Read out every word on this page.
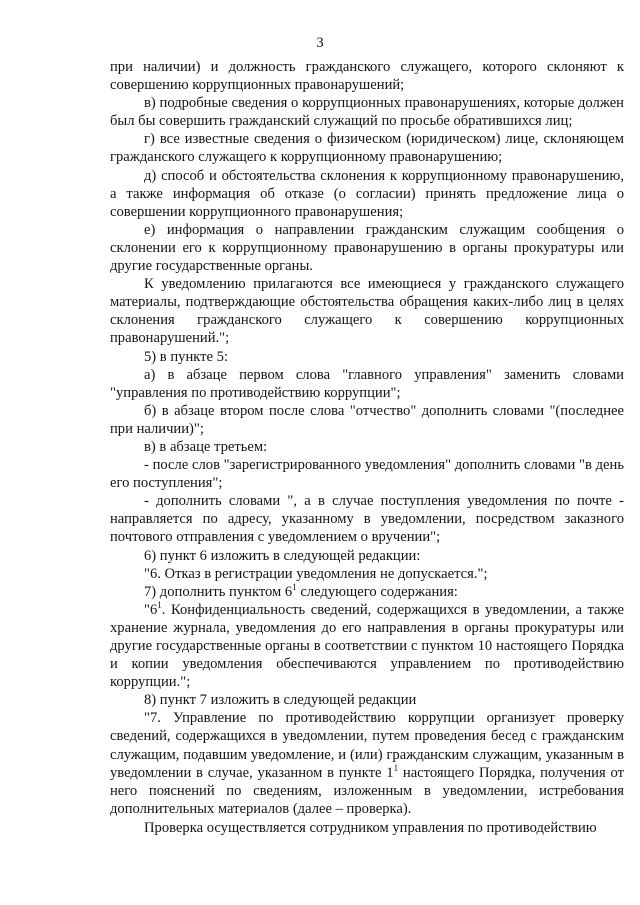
3

при наличии) и должность гражданского служащего, которого склоняют к совершению коррупционных правонарушений;

в) подробные сведения о коррупционных правонарушениях, которые должен был бы совершить гражданский служащий по просьбе обратившихся лиц;

г) все известные сведения о физическом (юридическом) лице, склоняющем гражданского служащего к коррупционному правонарушению;

д) способ и обстоятельства склонения к коррупционному правонарушению, а также информация об отказе (о согласии) принять предложение лица о совершении коррупционного правонарушения;

е) информация о направлении гражданским служащим сообщения о склонении его к коррупционному правонарушению в органы прокуратуры или другие государственные органы.

К уведомлению прилагаются все имеющиеся у гражданского служащего материалы, подтверждающие обстоятельства обращения каких-либо лиц в целях склонения гражданского служащего к совершению коррупционных правонарушений.";

5) в пункте 5:

а) в абзаце первом слова "главного управления" заменить словами "управления по противодействию коррупции";

б) в абзаце втором после слова "отчество" дополнить словами "(последнее при наличии)";

в) в абзаце третьем:

- после слов "зарегистрированного уведомления" дополнить словами "в день его поступления";

- дополнить словами ", а в случае поступления уведомления по почте - направляется по адресу, указанному в уведомлении, посредством заказного почтового отправления с уведомлением о вручении";

6) пункт 6 изложить в следующей редакции:

"6. Отказ в регистрации уведомления не допускается.";

7) дополнить пунктом $6^1$ следующего содержания:

"$6^1$. Конфиденциальность сведений, содержащихся в уведомлении, а также хранение журнала, уведомления до его направления в органы прокуратуры или другие государственные органы в соответствии с пунктом 10 настоящего Порядка и копии уведомления обеспечиваются управлением по противодействию коррупции.";

8) пункт 7 изложить в следующей редакции

"7. Управление по противодействию коррупции организует проверку сведений, содержащихся в уведомлении, путем проведения бесед с гражданским служащим, подавшим уведомление, и (или) гражданским служащим, указанным в уведомлении в случае, указанном в пункте $1^1$ настоящего Порядка, получения от него пояснений по сведениям, изложенным в уведомлении, истребования дополнительных материалов (далее – проверка).

Проверка осуществляется сотрудником управления по противодействию
